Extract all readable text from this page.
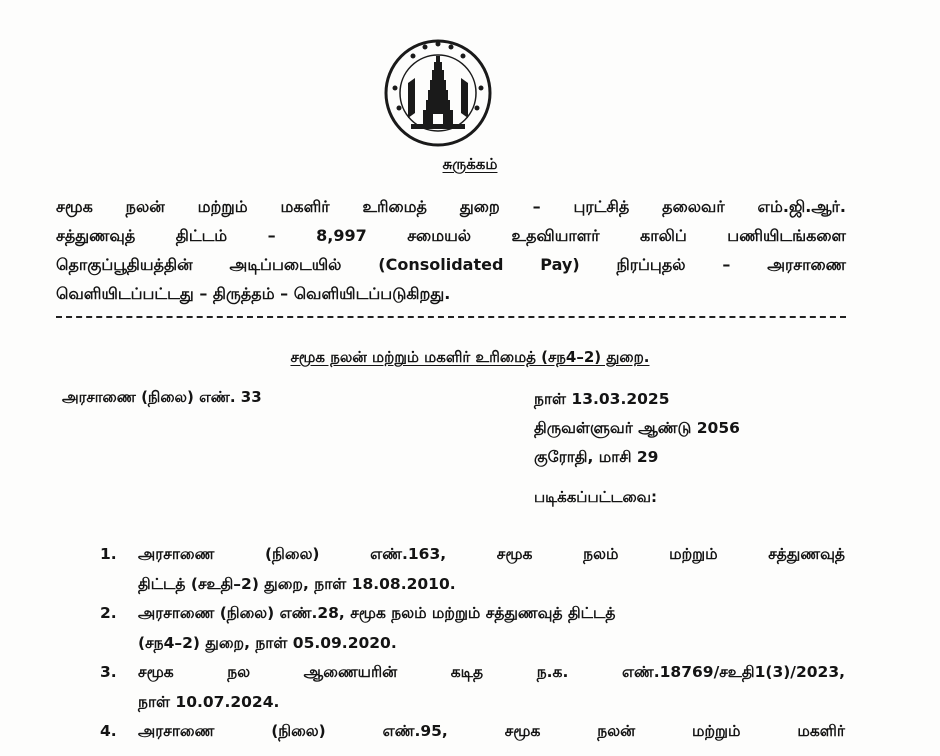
சுருக்கம்
சமூக நலன் மற்றும் மகளிர் உரிமைத் துறை – புரட்சித் தலைவர் எம்.ஜி.ஆர்.
சத்துணவுத் திட்டம் – 8,997 சமையல் உதவியாளர் காலிப் பணியிடங்களை
தொகுப்பூதியத்தின் அடிப்படையில் (Consolidated Pay) நிரப்புதல் – அரசாணை
வெளியிடப்பட்டது – திருத்தம் – வெளியிடப்படுகிறது.
சமூக நலன் மற்றும் மகளிர் உரிமைத் (சந4–2) துறை.
அரசாணை (நிலை) எண். 33	நாள் 13.03.2025
திருவள்ளுவர் ஆண்டு 2056
குரோதி, மாசி 29
படிக்கப்பட்டவை:
1.	அரசாணை (நிலை) எண்.163, சமூக நலம் மற்றும் சத்துணவுத்
திட்டத் (சஉதி–2) துறை, நாள் 18.08.2010.
2.	அரசாணை (நிலை) எண்.28, சமூக நலம் மற்றும் சத்துணவுத் திட்டத்
(சந4–2) துறை, நாள் 05.09.2020.
3.	சமூக நல ஆணையரின் கடித ந.க. எண்.18769/சஉதி1(3)/2023,
நாள் 10.07.2024.
4.	அரசாணை (நிலை) எண்.95, சமூக நலன் மற்றும் மகளிர்
